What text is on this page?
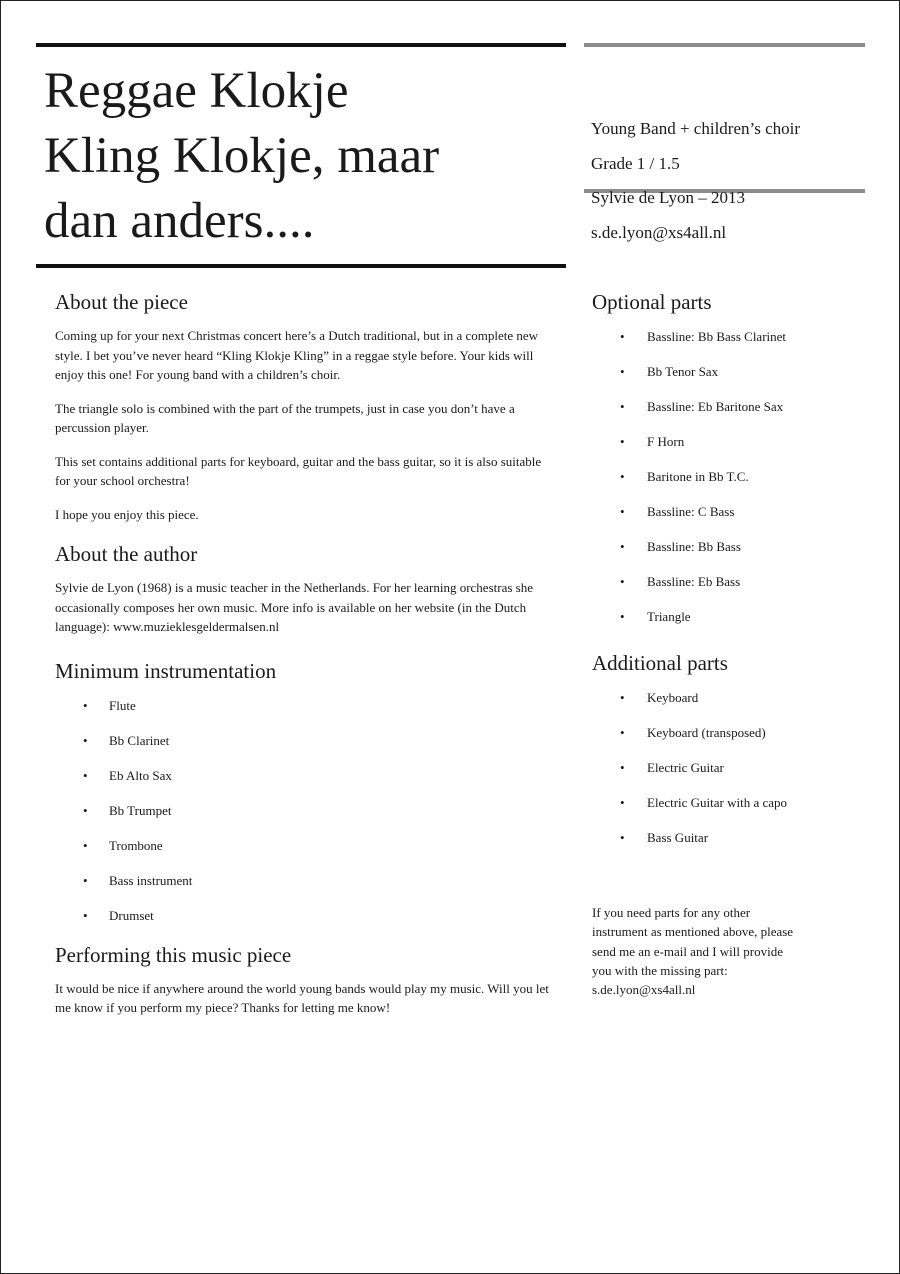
Reggae Klokje
Kling Klokje, maar
dan anders....
Young Band + children’s choir
Grade 1 / 1.5
Sylvie de Lyon – 2013
s.de.lyon@xs4all.nl
About the piece

Coming up for your next Christmas concert here’s a Dutch traditional, but in a complete new style. I bet you’ve never heard “Kling Klokje Kling” in a reggae style before. Your kids will enjoy this one! For young band with a children’s choir.

The triangle solo is combined with the part of the trumpets, just in case you don’t have a percussion player.

This set contains additional parts for keyboard, guitar and the bass guitar, so it is also suitable for your school orchestra!

I hope you enjoy this piece.

About the author

Sylvie de Lyon (1968) is a music teacher in the Netherlands. For her learning orchestras she occasionally composes her own music. More info is available on her website (in the Dutch language): www.muzieklesgeldermalsen.nl

Minimum instrumentation
• Flute
• Bb Clarinet
• Eb Alto Sax
• Bb Trumpet
• Trombone
• Bass instrument
• Drumset
Performing this music piece

It would be nice if anywhere around the world young bands would play my music. Will you let me know if you perform my piece? Thanks for letting me know!

Optional parts
• Bassline: Bb Bass Clarinet
• Bb Tenor Sax
• Bassline: Eb Baritone Sax
• F Horn
• Baritone in Bb T.C.
• Bassline: C Bass
• Bassline: Bb Bass
• Bassline: Eb Bass
• Triangle
Additional parts
• Keyboard
• Keyboard (transposed)
• Electric Guitar
• Electric Guitar with a capo
• Bass Guitar
If you need parts for any other
instrument as mentioned above, please
send me an e-mail and I will provide
you with the missing part:
s.de.lyon@xs4all.nl
